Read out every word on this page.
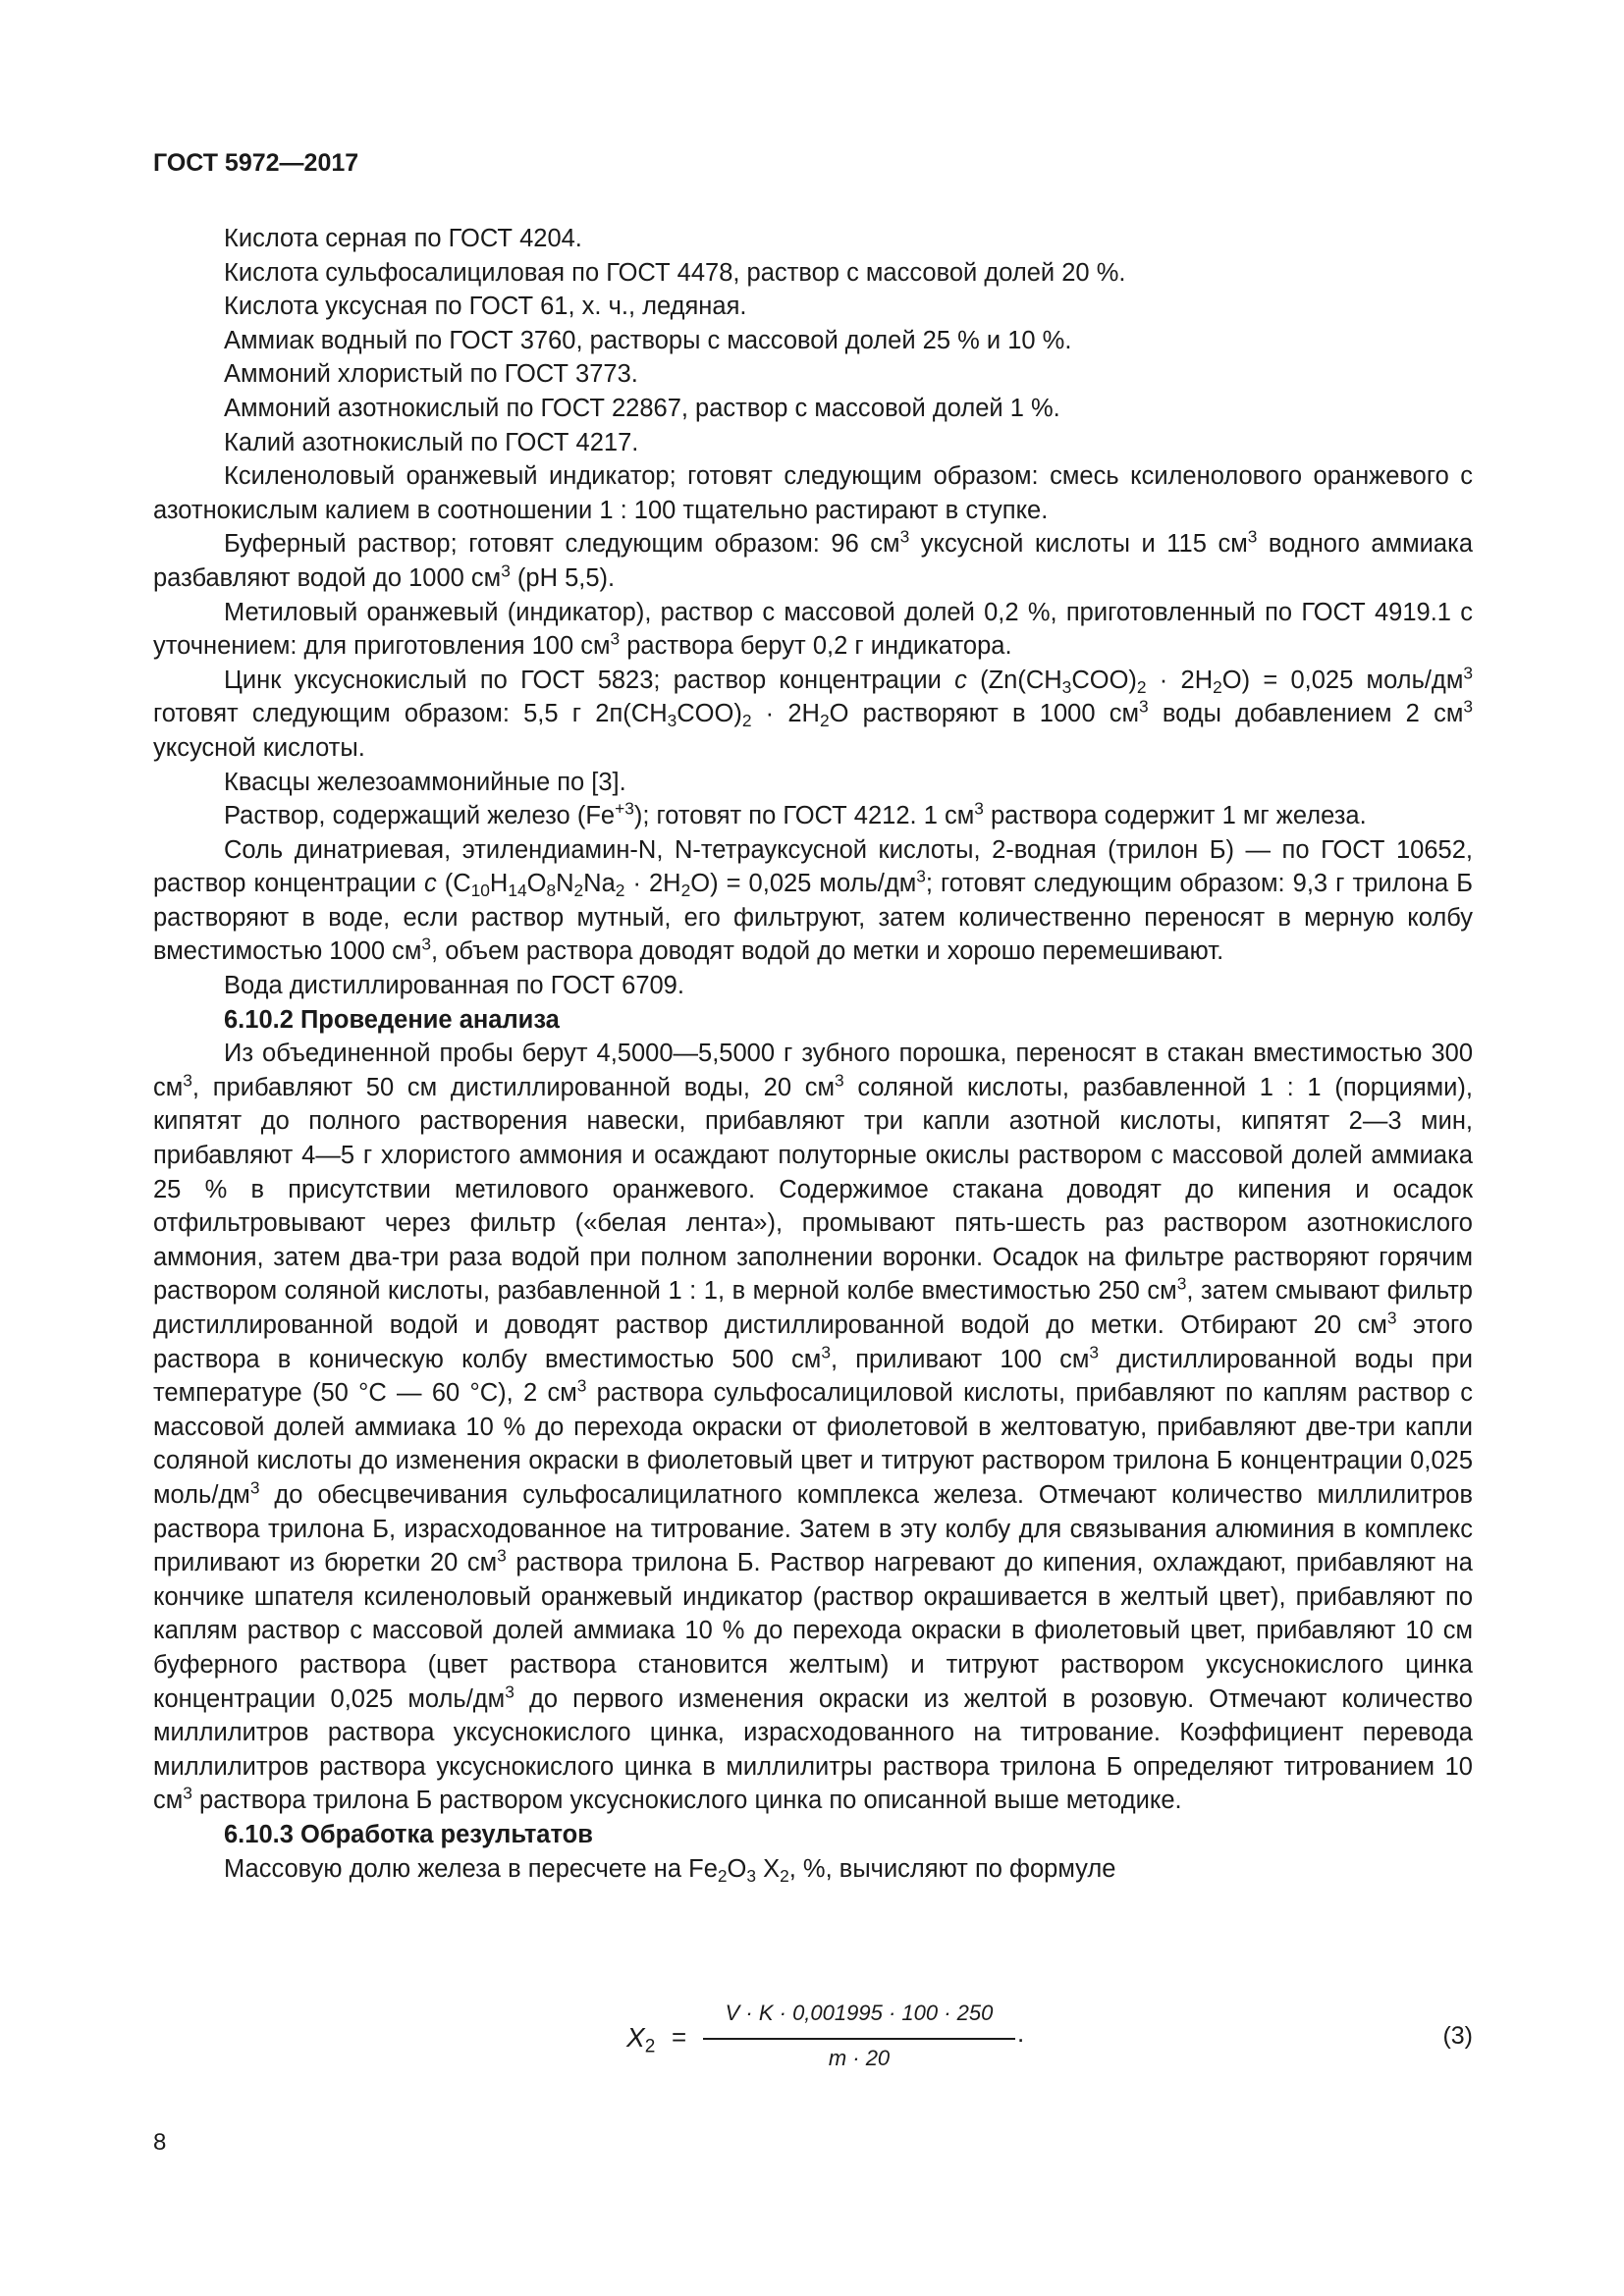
ГОСТ 5972—2017

Кислота серная по ГОСТ 4204.

Кислота сульфосалициловая по ГОСТ 4478, раствор с массовой долей 20 %.

Кислота уксусная по ГОСТ 61, х. ч., ледяная.

Аммиак водный по ГОСТ 3760, растворы с массовой долей 25 % и 10 %.

Аммоний хлористый по ГОСТ 3773.

Аммоний азотнокислый по ГОСТ 22867, раствор с массовой долей 1 %.

Калий азотнокислый по ГОСТ 4217.

Ксиленоловый оранжевый индикатор; готовят следующим образом: смесь ксиленолового оранжевого с азотнокислым калием в соотношении 1 : 100 тщательно растирают в ступке.

Буферный раствор; готовят следующим образом: 96 $см^3$ уксусной кислоты и 115 $см^3$ водного аммиака разбавляют водой до 1000 $см^3$ (pH 5,5).

Метиловый оранжевый (индикатор), раствор с массовой долей 0,2 %, приготовленный по ГОСТ 4919.1 с уточнением: для приготовления 100 $см^3$ раствора берут 0,2 г индикатора.

Цинк уксуснокислый по ГОСТ 5823; раствор концентрации c $(Zn(CH_3COO)_2 \cdot 2H_2O) = 0,025$ моль/$дм^3$ готовят следующим образом: 5,5 г $2п(CH_3COO)_2 \cdot 2H_2O$ растворяют в 1000 $см^3$ воды добавлением 2 $см^3$ уксусной кислоты.

Квасцы железоаммонийные по [3].

Раствор, содержащий железо $(Fe^{+3})$; готовят по ГОСТ 4212. 1 $см^3$ раствора содержит 1 мг железа.

Соль динатриевая, этилендиамин-N, N-тетрауксусной кислоты, 2-водная (трилон Б) — по ГОСТ 10652, раствор концентрации c $(C_{10}H_{14}O_8N_2Na_2 \cdot 2H_2O) = 0,025$ моль/$дм^3$; готовят следующим образом: 9,3 г трилона Б растворяют в воде, если раствор мутный, его фильтруют, затем количественно переносят в мерную колбу вместимостью 1000 $см^3$, объем раствора доводят водой до метки и хорошо перемешивают.

Вода дистиллированная по ГОСТ 6709.

6.10.2 Проведение анализа

Из объединенной пробы берут 4,5000—5,5000 г зубного порошка, переносят в стакан вместимостью 300 $см^3$, прибавляют 50 см дистиллированной воды, 20 $см^3$ соляной кислоты, разбавленной 1 : 1 (порциями), кипятят до полного растворения навески, прибавляют три капли азотной кислоты, кипятят 2—3 мин, прибавляют 4—5 г хлористого аммония и осаждают полуторные окислы раствором с массовой долей аммиака 25 % в присутствии метилового оранжевого. Содержимое стакана доводят до кипения и осадок отфильтровывают через фильтр («белая лента»), промывают пять-шесть раз раствором азотнокислого аммония, затем два-три раза водой при полном заполнении воронки. Осадок на фильтре растворяют горячим раствором соляной кислоты, разбавленной 1 : 1, в мерной колбе вместимостью 250 $см^3$, затем смывают фильтр дистиллированной водой и доводят раствор дистиллированной водой до метки. Отбирают 20 $см^3$ этого раствора в коническую колбу вместимостью 500 $см^3$, приливают 100 $см^3$ дистиллированной воды при температуре (50 °С — 60 °С), 2 $см^3$ раствора сульфосалициловой кислоты, прибавляют по каплям раствор с массовой долей аммиака 10 % до перехода окраски от фиолетовой в желтоватую, прибавляют две-три капли соляной кислоты до изменения окраски в фиолетовый цвет и титруют раствором трилона Б концентрации 0,025 моль/$дм^3$ до обесцвечивания сульфосалицилатного комплекса железа. Отмечают количество миллилитров раствора трилона Б, израсходованное на титрование. Затем в эту колбу для связывания алюминия в комплекс приливают из бюретки 20 $см^3$ раствора трилона Б. Раствор нагревают до кипения, охлаждают, прибавляют на кончике шпателя ксиленоловый оранжевый индикатор (раствор окрашивается в желтый цвет), прибавляют по каплям раствор с массовой долей аммиака 10 % до перехода окраски в фиолетовый цвет, прибавляют 10 см буферного раствора (цвет раствора становится желтым) и титруют раствором уксуснокислого цинка концентрации 0,025 моль/$дм^3$ до первого изменения окраски из желтой в розовую. Отмечают количество миллилитров раствора уксуснокислого цинка, израсходованного на титрование. Коэффициент перевода миллилитров раствора уксуснокислого цинка в миллилитры раствора трилона Б определяют титрованием 10 $см^3$ раствора трилона Б раствором уксуснокислого цинка по описанной выше методике.

6.10.3 Обработка результатов

Массовую долю железа в пересчете на $Fe_2O_3$ $X_2$, %, вычисляют по формуле

$X_2$ =
V · K · 0,001995 · 100 · 250
m · 20
.	(3)
8
